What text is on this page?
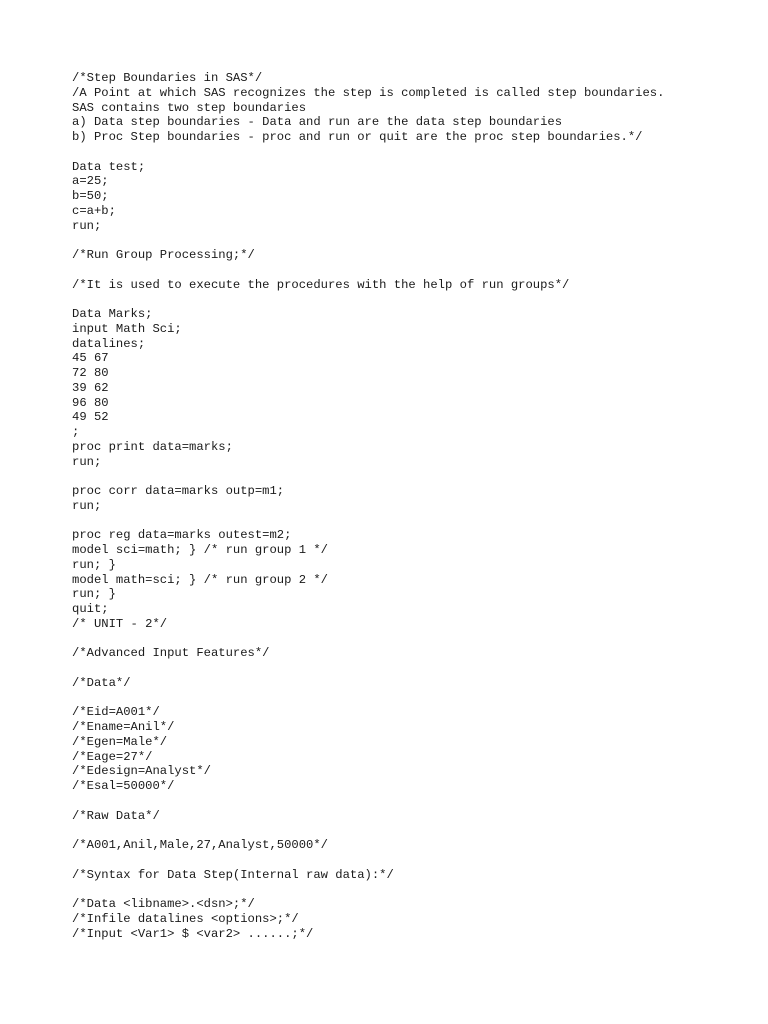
/*Step Boundaries in SAS*/
/A Point at which SAS recognizes the step is completed is called step boundaries.
SAS contains two step boundaries
a) Data step boundaries - Data and run are the data step boundaries
b) Proc Step boundaries - proc and run or quit are the proc step boundaries.*/
Data test;
a=25;
b=50;
c=a+b;
run;
/*Run Group Processing;*/
/*It is used to execute the procedures with the help of run groups*/
Data Marks;
input Math Sci;
datalines;
45 67
72 80
39 62
96 80
49 52
;
proc print data=marks;
run;
proc corr data=marks outp=m1;
run;
proc reg data=marks outest=m2;
model sci=math; } /* run group 1 */
run; }
model math=sci; } /* run group 2 */
run; }
quit;
/* UNIT - 2*/
/*Advanced Input Features*/
/*Data*/
/*Eid=A001*/
/*Ename=Anil*/
/*Egen=Male*/
/*Eage=27*/
/*Edesign=Analyst*/
/*Esal=50000*/
/*Raw Data*/
/*A001,Anil,Male,27,Analyst,50000*/
/*Syntax for Data Step(Internal raw data):*/
/*Data <libname>.<dsn>;*/
/*Infile datalines <options>;*/
/*Input <Var1> $ <var2> ......;*/
